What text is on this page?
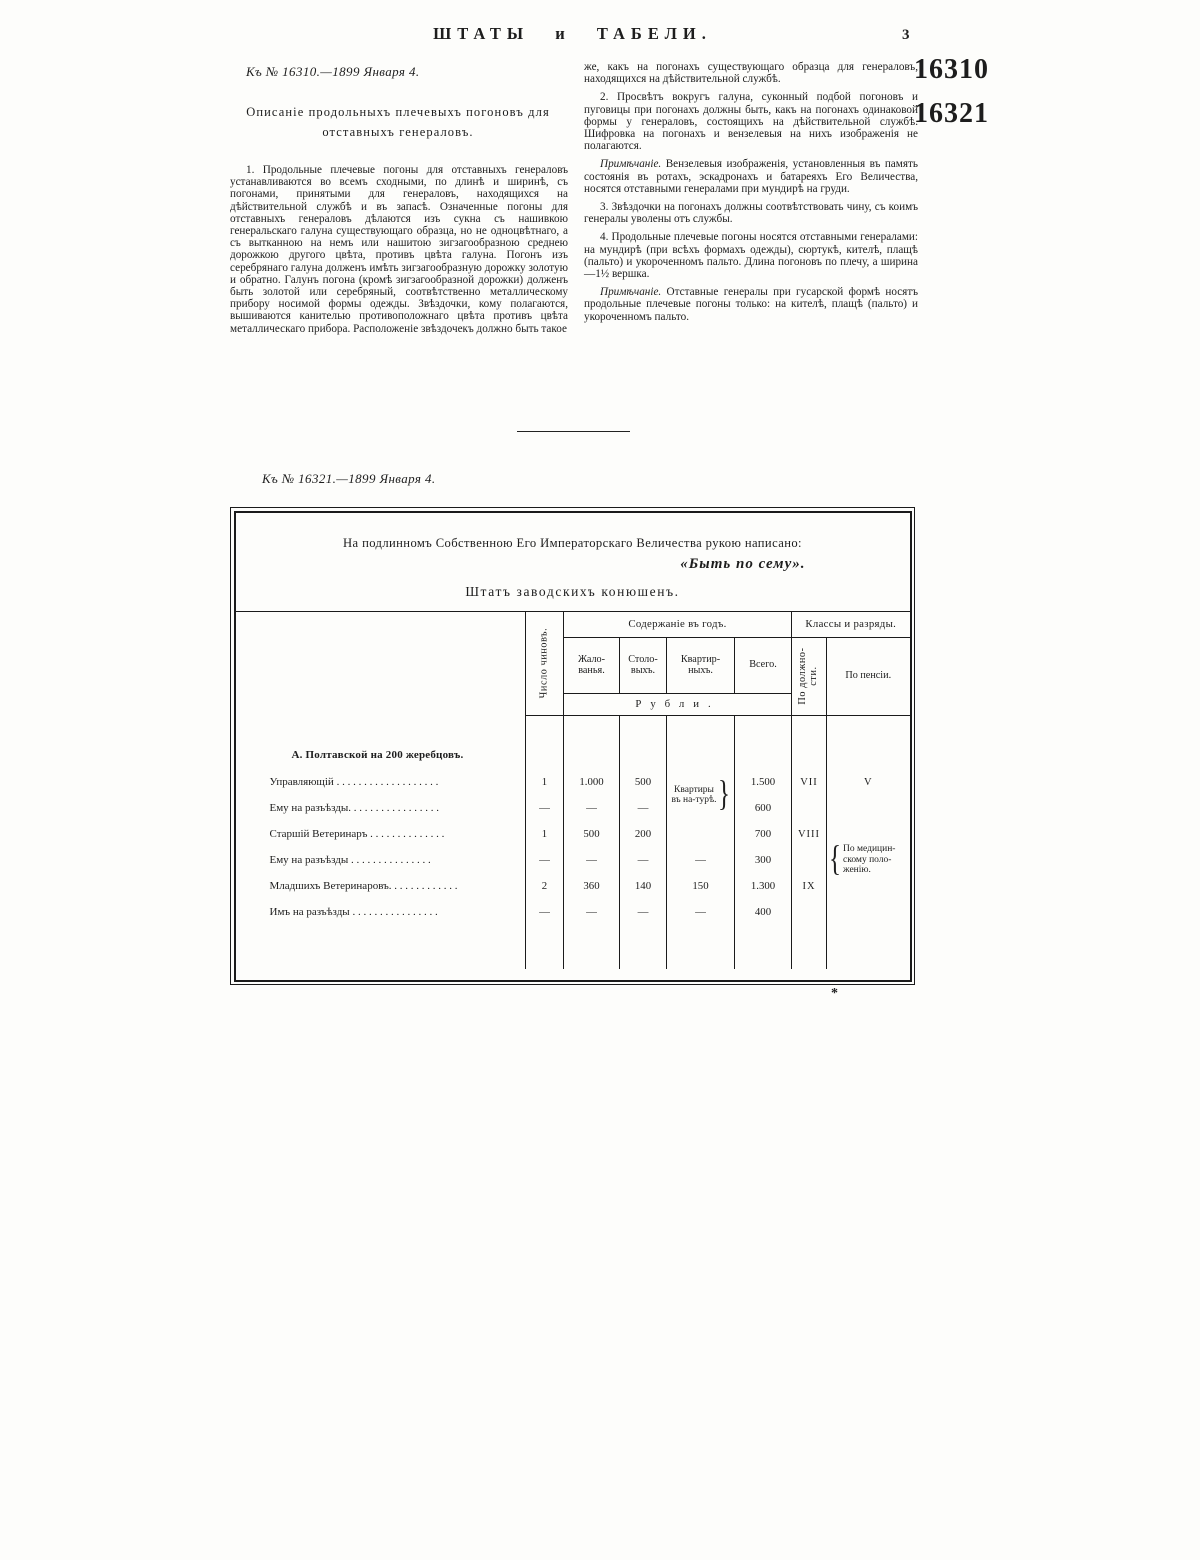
ШТАТЫ и ТАБЕЛИ.	3
16310
16321
Къ № 16310.—1899 Января 4.
Описаніе продольныхъ плечевыхъ погоновъ для
отставныхъ генераловъ.

1. Продольные плечевые погоны для отставныхъ генераловъ устанавливаются во всемъ сходными, по длинѣ и ширинѣ, съ погонами, принятыми для генераловъ, находящихся на дѣйствительной службѣ и въ запасѣ. Означенные погоны для отставныхъ генераловъ дѣлаются изъ сукна съ нашивкою генеральскаго галуна существующаго образца, но не одноцвѣтнаго, а съ вытканною на немъ или нашитою зигзагообразною среднею дорожкою другого цвѣта, противъ цвѣта галуна. Погонъ изъ серебрянаго галуна долженъ имѣть зигзагообразную дорожку золотую и обратно. Галунъ погона (кромѣ зигзагообразной дорожки) долженъ быть золотой или серебряный, соотвѣтственно металлическому прибору носимой формы одежды. Звѣздочки, кому полагаются, вышиваются канителью противоположнаго цвѣта противъ цвѣта металлическаго прибора. Расположеніе звѣздочекъ должно быть такое

же, какъ на погонахъ существующаго образца для генераловъ, находящихся на дѣйствительной службѣ.

2. Просвѣтъ вокругъ галуна, суконный подбой погоновъ и пуговицы при погонахъ должны быть, какъ на погонахъ одинаковой формы у генераловъ, состоящихъ на дѣйствительной службѣ. Шифровка на погонахъ и вензелевыя на нихъ изображенія не полагаются.

Примѣчаніе. Вензелевыя изображенія, установленныя въ память состоянія въ ротахъ, эскадронахъ и батареяхъ Его Величества, носятся отставными генералами при мундирѣ на груди.

3. Звѣздочки на погонахъ должны соотвѣтствовать чину, съ коимъ генералы уволены отъ службы.

4. Продольные плечевые погоны носятся отставными генералами: на мундирѣ (при всѣхъ формахъ одежды), сюртукѣ, кителѣ, плащѣ (пальто) и укороченномъ пальто. Длина погоновъ по плечу, а ширина—1½ вершка.

Примѣчаніе. Отставные генералы при гусарской формѣ носятъ продольные плечевые погоны только: на кителѣ, плащѣ (пальто) и укороченномъ пальто.

Къ № 16321.—1899 Января 4.
На подлинномъ Собственною Его Императорскаго Величества рукою написано:
«Быть по сему».
Штатъ заводскихъ конюшенъ.

	Число чиновъ.	Содержаніе въ годъ.				Классы и разряды.	
		Жало-ванья.	Столо-выхъ.	Квартир-ныхъ.	Всего.	По должно-сти.	По пенсіи.
		Рубли.					
А. Полтавской на 200 жеребцовъ.							
Управляющій . . . . . . . . . . . . . . . . . . .	1	1.000	500	Квартиры въ на-турѣ. }	1.500	VII	V
Ему на разъѣзды. . . . . . . . . . . . . . . . .	—	—	—		600		
Старшій Ветеринаръ . . . . . . . . . . . . . .	1	500	200		700	VIII	{ По медицин-скому поло-женію.

Ему на разъѣзды . . . . . . . . . . . . . . .	—	—	—	—	300		
Младшихъ Ветеринаровъ. . . . . . . . . . . . .	2	360	140	150	1.300	IX	
Имъ на разъѣзды . . . . . . . . . . . . . . . .	—	—	—	—	400		

*
